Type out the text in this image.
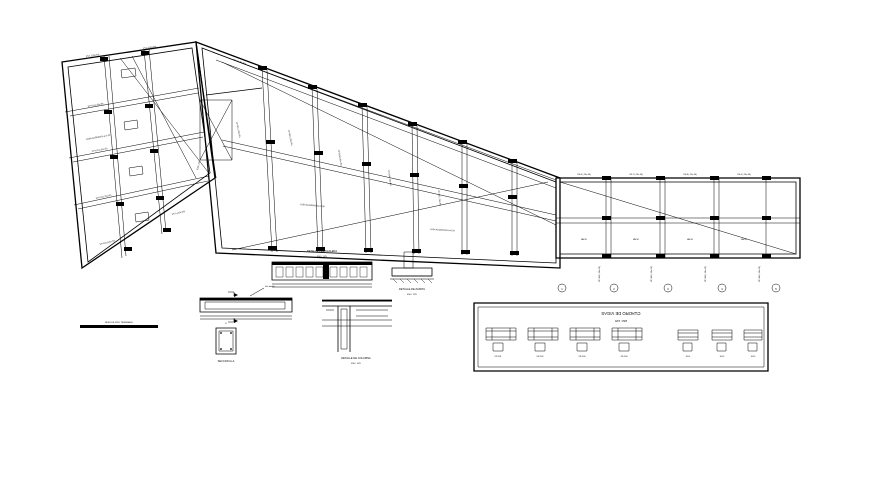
VS-1 (.25x.40)
VS-2 (.25x.40)
VP-101 (.25x.45)
VP-102 (.25x.45)
VP-103 (.25x.45)
VP-104 (.25x.45)
LOSA ALIGERADA e=0.20
VS-3 (.25x.40)
NIVEL DE PISO TERMINADO
ESC: 1/50
VS-4 (.25x.40)
VS-5 (.25x.40)
VP-201 (.25x.45)
VP-202 (.25x.45)
VP-203 (.25x.45)
VP-204 (.25x.45)
VP-205 (.25x.45)
LOSA ALIGERADA e=0.20
LOSA ALIGERADA e=0.20
VS-6 (.25x.40)	VS-7 (.25x.40)	VS-8 (.25x.40)	VS-9 (.25x.40)
VACIO	VACIO	VACIO	VACIO
VP-301 (.25x.45)	VP-302 (.25x.45)	VP-303 (.25x.45)	VP-304 (.25x.45)
1	2	3	4	5
DETALLE DE ESCALERA
ESC: 1/25
Ver detalle
SECCION A-A
D
DETALLE DE COLUMNA
ESC: 1/25
DETALLE DE ZAPATA
ESC: 1/25
CUADRO DE VIGAS
ESC: 1/25
VP-101	VP-102	VP-103	VP-104	VS-1	VS-2	VS-3
